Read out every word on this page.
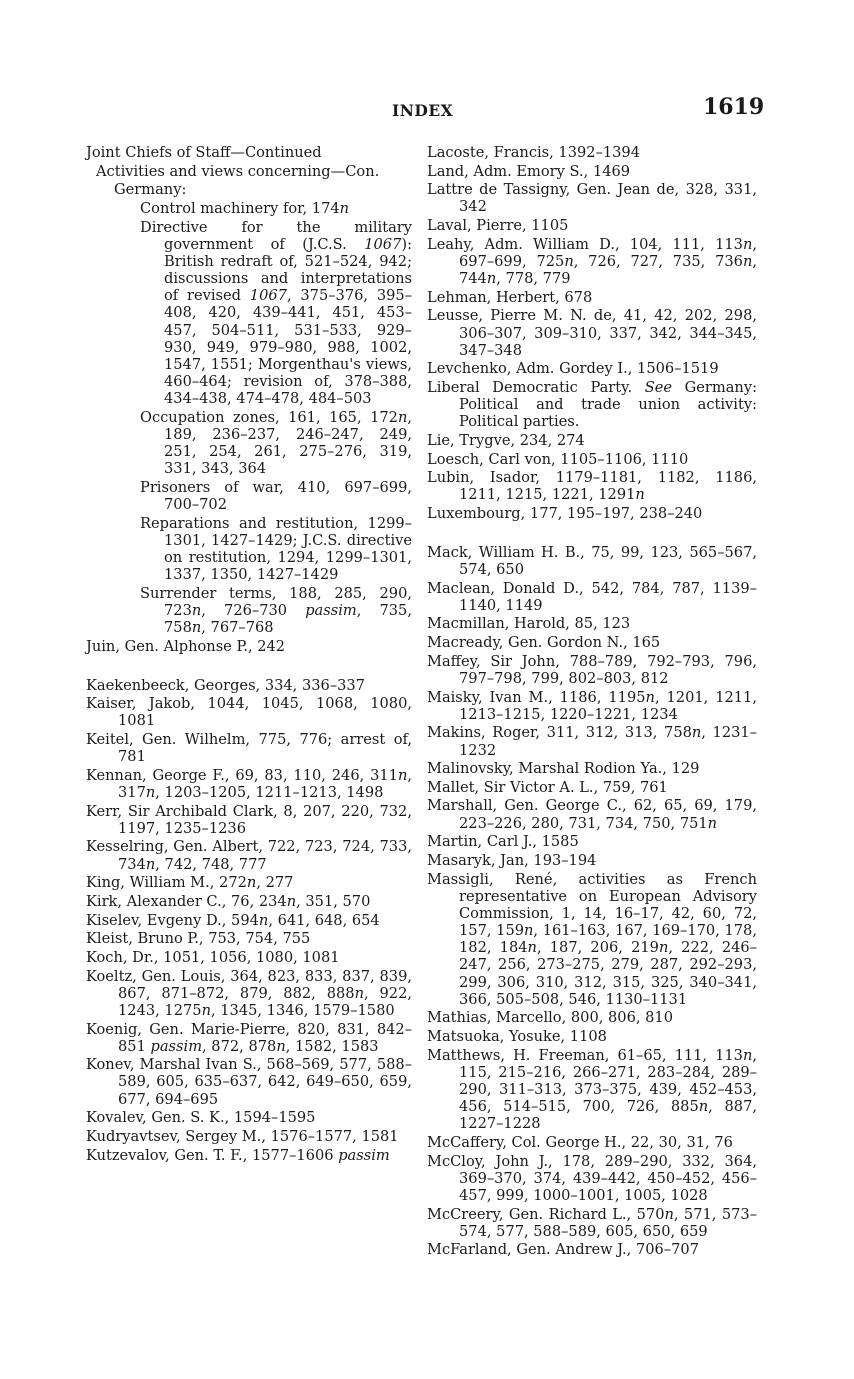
INDEX	1619
Joint Chiefs of Staff—Continued
Activities and views concerning—Con.
Germany:
Control machinery for, 174n
Directive for the military government of (J.C.S. 1067): British redraft of, 521–524, 942; discussions and interpretations of revised 1067, 375–376, 395–408, 420, 439–441, 451, 453–457, 504–511, 531–533, 929–930, 949, 979–980, 988, 1002, 1547, 1551; Morgenthau's views, 460–464; revision of, 378–388, 434–438, 474–478, 484–503
Occupation zones, 161, 165, 172n, 189, 236–237, 246–247, 249, 251, 254, 261, 275–276, 319, 331, 343, 364
Prisoners of war, 410, 697–699, 700–702
Reparations and restitution, 1299–1301, 1427–1429; J.C.S. directive on restitution, 1294, 1299–1301, 1337, 1350, 1427–1429
Surrender terms, 188, 285, 290, 723n, 726–730 passim, 735, 758n, 767–768
Juin, Gen. Alphonse P., 242
Kaekenbeeck, Georges, 334, 336–337
Kaiser, Jakob, 1044, 1045, 1068, 1080, 1081
Keitel, Gen. Wilhelm, 775, 776; arrest of, 781
Kennan, George F., 69, 83, 110, 246, 311n, 317n, 1203–1205, 1211–1213, 1498
Kerr, Sir Archibald Clark, 8, 207, 220, 732, 1197, 1235–1236
Kesselring, Gen. Albert, 722, 723, 724, 733, 734n, 742, 748, 777
King, William M., 272n, 277
Kirk, Alexander C., 76, 234n, 351, 570
Kiselev, Evgeny D., 594n, 641, 648, 654
Kleist, Bruno P., 753, 754, 755
Koch, Dr., 1051, 1056, 1080, 1081
Koeltz, Gen. Louis, 364, 823, 833, 837, 839, 867, 871–872, 879, 882, 888n, 922, 1243, 1275n, 1345, 1346, 1579–1580
Koenig, Gen. Marie-Pierre, 820, 831, 842–851 passim, 872, 878n, 1582, 1583
Konev, Marshal Ivan S., 568–569, 577, 588–589, 605, 635–637, 642, 649–650, 659, 677, 694–695
Kovalev, Gen. S. K., 1594–1595
Kudryavtsev, Sergey M., 1576–1577, 1581
Kutzevalov, Gen. T. F., 1577–1606 passim
Lacoste, Francis, 1392–1394
Land, Adm. Emory S., 1469
Lattre de Tassigny, Gen. Jean de, 328, 331, 342
Laval, Pierre, 1105
Leahy, Adm. William D., 104, 111, 113n, 697–699, 725n, 726, 727, 735, 736n, 744n, 778, 779
Lehman, Herbert, 678
Leusse, Pierre M. N. de, 41, 42, 202, 298, 306–307, 309–310, 337, 342, 344–345, 347–348
Levchenko, Adm. Gordey I., 1506–1519
Liberal Democratic Party. See Germany: Political and trade union activity: Political parties.
Lie, Trygve, 234, 274
Loesch, Carl von, 1105–1106, 1110
Lubin, Isador, 1179–1181, 1182, 1186, 1211, 1215, 1221, 1291n
Luxembourg, 177, 195–197, 238–240
Mack, William H. B., 75, 99, 123, 565–567, 574, 650
Maclean, Donald D., 542, 784, 787, 1139–1140, 1149
Macmillan, Harold, 85, 123
Macready, Gen. Gordon N., 165
Maffey, Sir John, 788–789, 792–793, 796, 797–798, 799, 802–803, 812
Maisky, Ivan M., 1186, 1195n, 1201, 1211, 1213–1215, 1220–1221, 1234
Makins, Roger, 311, 312, 313, 758n, 1231–1232
Malinovsky, Marshal Rodion Ya., 129
Mallet, Sir Victor A. L., 759, 761
Marshall, Gen. George C., 62, 65, 69, 179, 223–226, 280, 731, 734, 750, 751n
Martin, Carl J., 1585
Masaryk, Jan, 193–194
Massigli, René, activities as French representative on European Advisory Commission, 1, 14, 16–17, 42, 60, 72, 157, 159n, 161–163, 167, 169–170, 178, 182, 184n, 187, 206, 219n, 222, 246–247, 256, 273–275, 279, 287, 292–293, 299, 306, 310, 312, 315, 325, 340–341, 366, 505–508, 546, 1130–1131
Mathias, Marcello, 800, 806, 810
Matsuoka, Yosuke, 1108
Matthews, H. Freeman, 61–65, 111, 113n, 115, 215–216, 266–271, 283–284, 289–290, 311–313, 373–375, 439, 452–453, 456, 514–515, 700, 726, 885n, 887, 1227–1228
McCaffery, Col. George H., 22, 30, 31, 76
McCloy, John J., 178, 289–290, 332, 364, 369–370, 374, 439–442, 450–452, 456–457, 999, 1000–1001, 1005, 1028
McCreery, Gen. Richard L., 570n, 571, 573–574, 577, 588–589, 605, 650, 659
McFarland, Gen. Andrew J., 706–707
